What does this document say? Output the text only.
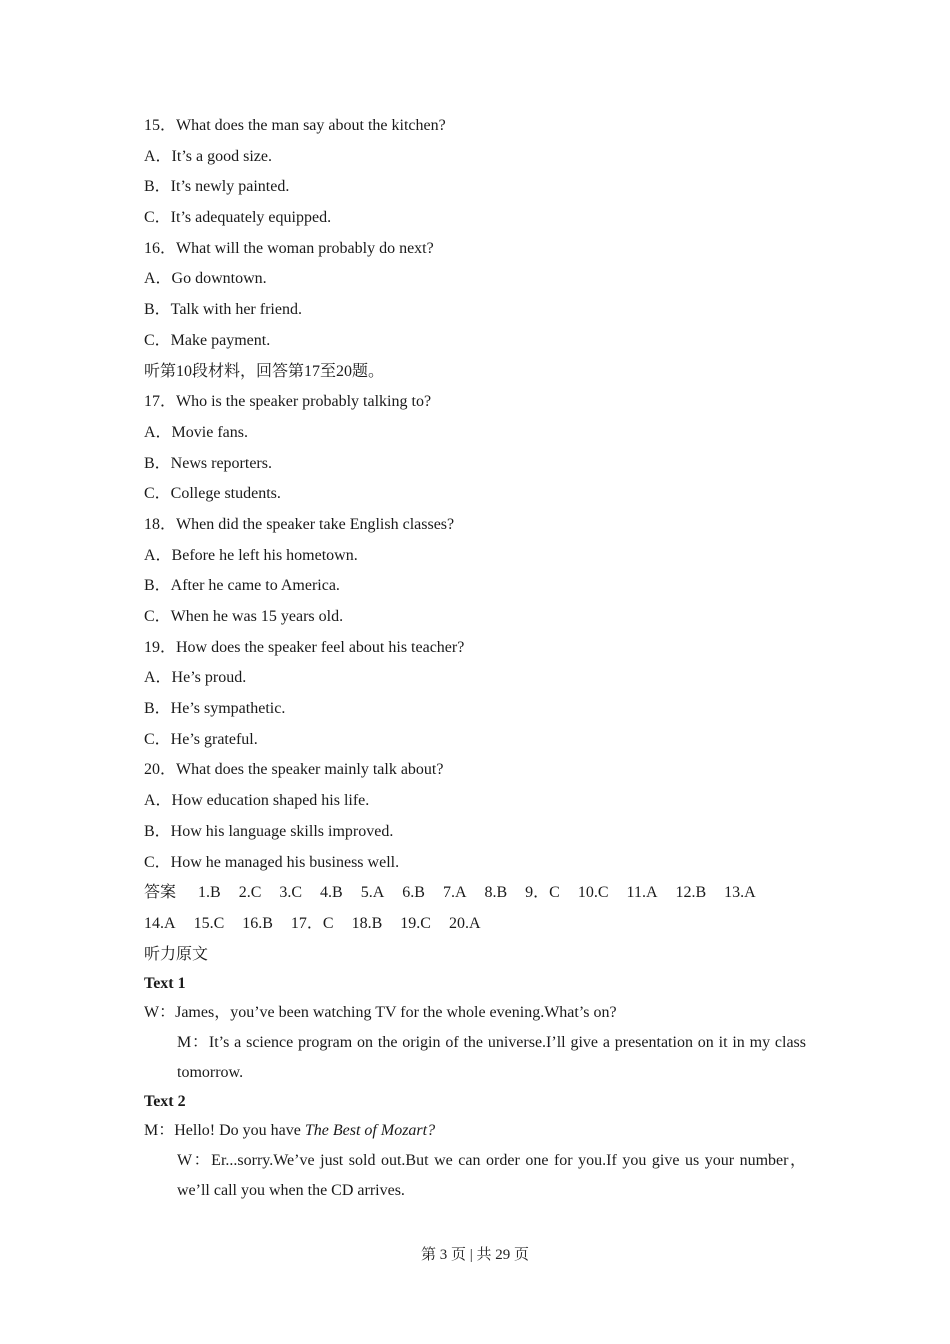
15．What does the man say about the kitchen?
A．It’s a good size.
B．It’s newly painted.
C．It’s adequately equipped.
16．What will the woman probably do next?
A．Go downtown.
B．Talk with her friend.
C．Make payment.
听第10段材料，回答第17至20题。
17．Who is the speaker probably talking to?
A．Movie fans.
B．News reporters.
C．College students.
18．When did the speaker take English classes?
A．Before he left his hometown.
B．After he came to America.
C．When he was 15 years old.
19．How does the speaker feel about his teacher?
A．He’s proud.
B．He’s sympathetic.
C．He’s grateful.
20．What does the speaker mainly talk about?
A．How education shaped his life.
B．How his language skills improved.
C．How he managed his business well.
答案 1.B 2.C 3.C 4.B 5.A 6.B 7.A 8.B 9．C 10.C 11.A 12.B 13.A
14.A 15.C 16.B 17．C 18.B 19.C 20.A
听力原文
Text 1
W：James，you’ve been watching TV for the whole evening.What’s on?
M：It’s a science program on the origin of the universe.I’ll give a presentation on it in my class tomorrow.
Text 2
M：Hello! Do you have The Best of Mozart?
W：Er...sorry.We’ve just sold out.But we can order one for you.If you give us your number，we’ll call you when the CD arrives.
第 3 页 | 共 29 页
